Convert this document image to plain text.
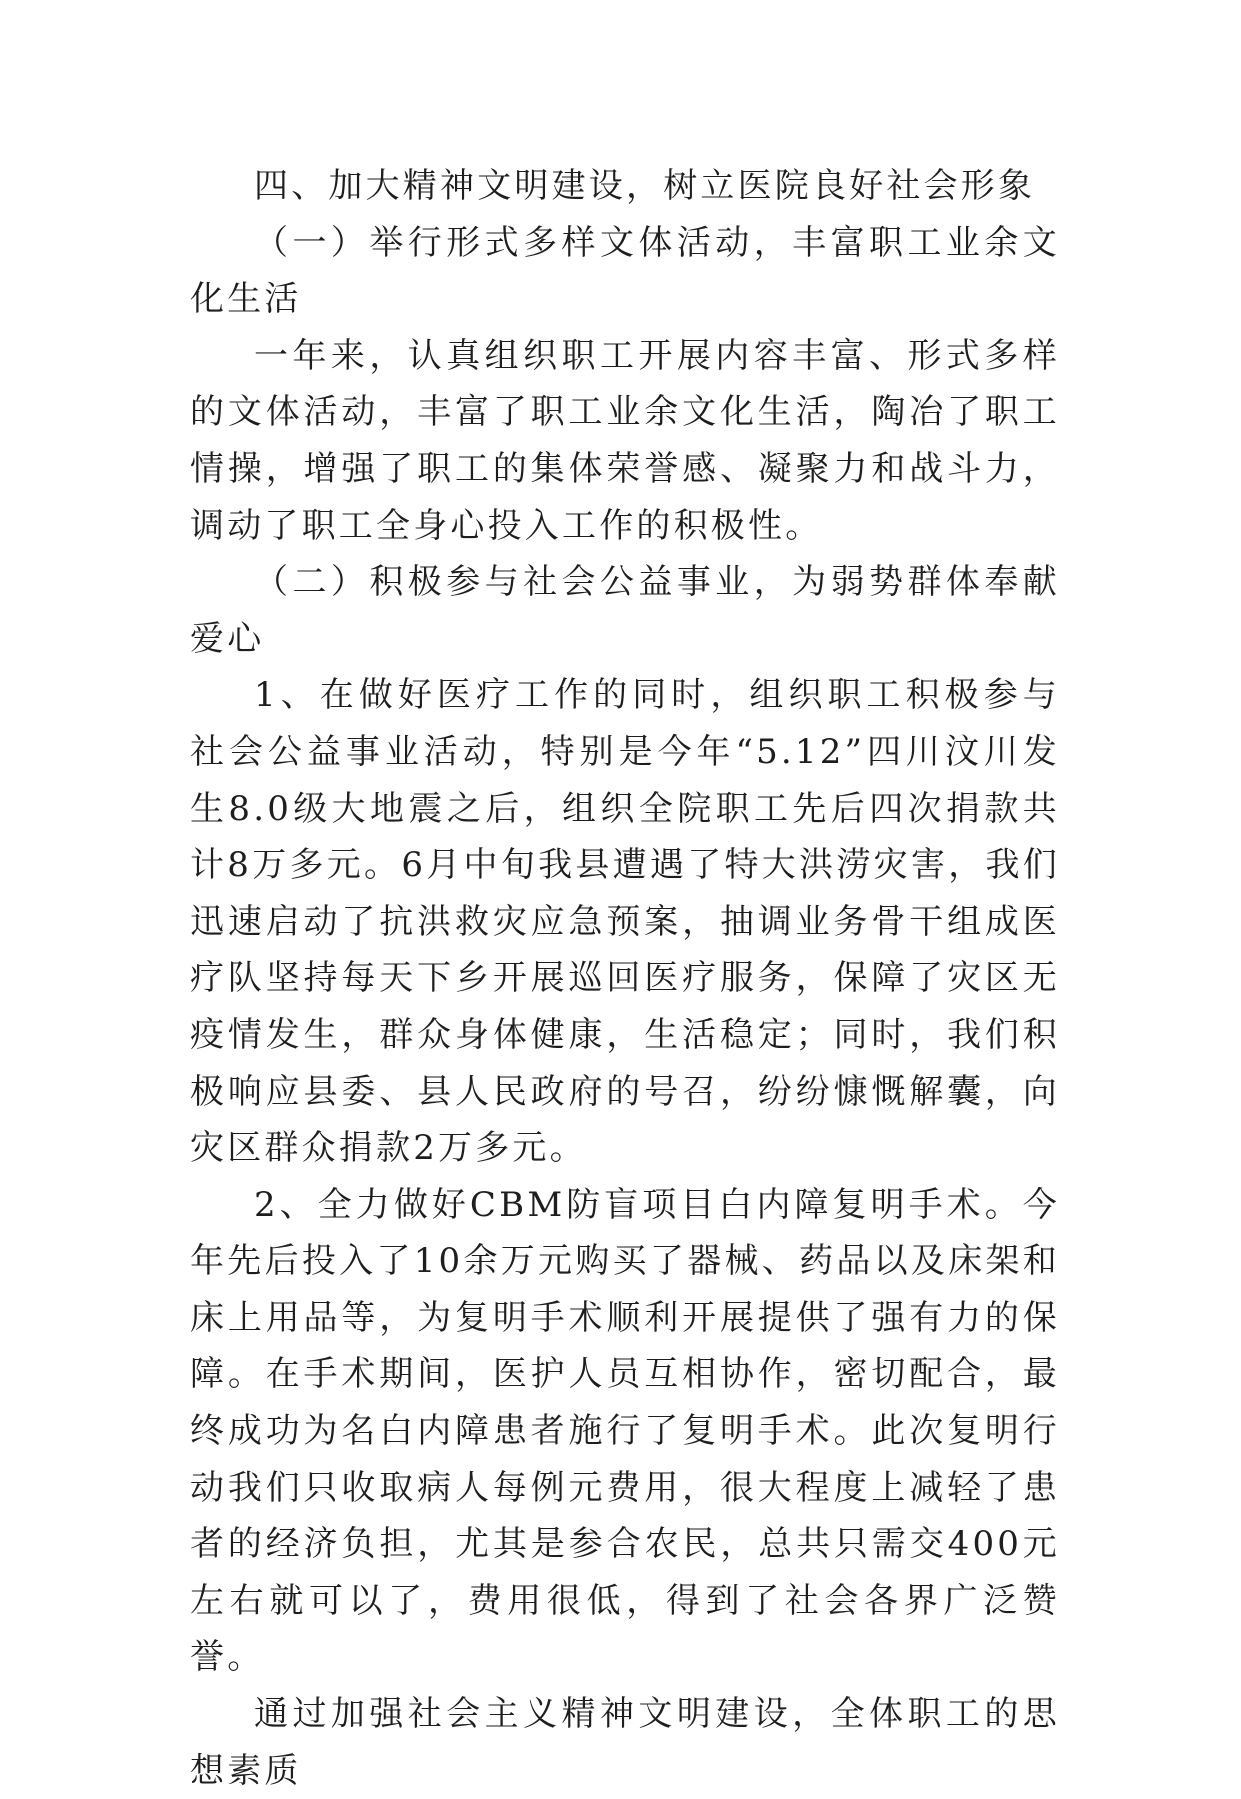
四、加大精神文明建设，树立医院良好社会形象

（一）举行形式多样文体活动，丰富职工业余文化生活

一年来，认真组织职工开展内容丰富、形式多样的文体活动，丰富了职工业余文化生活，陶冶了职工情操，增强了职工的集体荣誉感、凝聚力和战斗力，调动了职工全身心投入工作的积极性。

（二）积极参与社会公益事业，为弱势群体奉献爱心

1、在做好医疗工作的同时，组织职工积极参与社会公益事业活动，特别是今年“5.12”四川汶川发生8.0级大地震之后，组织全院职工先后四次捐款共计8万多元。6月中旬我县遭遇了特大洪涝灾害，我们迅速启动了抗洪救灾应急预案，抽调业务骨干组成医疗队坚持每天下乡开展巡回医疗服务，保障了灾区无疫情发生，群众身体健康，生活稳定；同时，我们积极响应县委、县人民政府的号召，纷纷慷慨解囊，向灾区群众捐款2万多元。

2、全力做好CBM防盲项目白内障复明手术。今年先后投入了10余万元购买了器械、药品以及床架和床上用品等，为复明手术顺利开展提供了强有力的保障。在手术期间，医护人员互相协作，密切配合，最终成功为名白内障患者施行了复明手术。此次复明行动我们只收取病人每例元费用，很大程度上减轻了患者的经济负担，尤其是参合农民，总共只需交400元左右就可以了，费用很低，得到了社会各界广泛赞誉。

通过加强社会主义精神文明建设，全体职工的思想素质
